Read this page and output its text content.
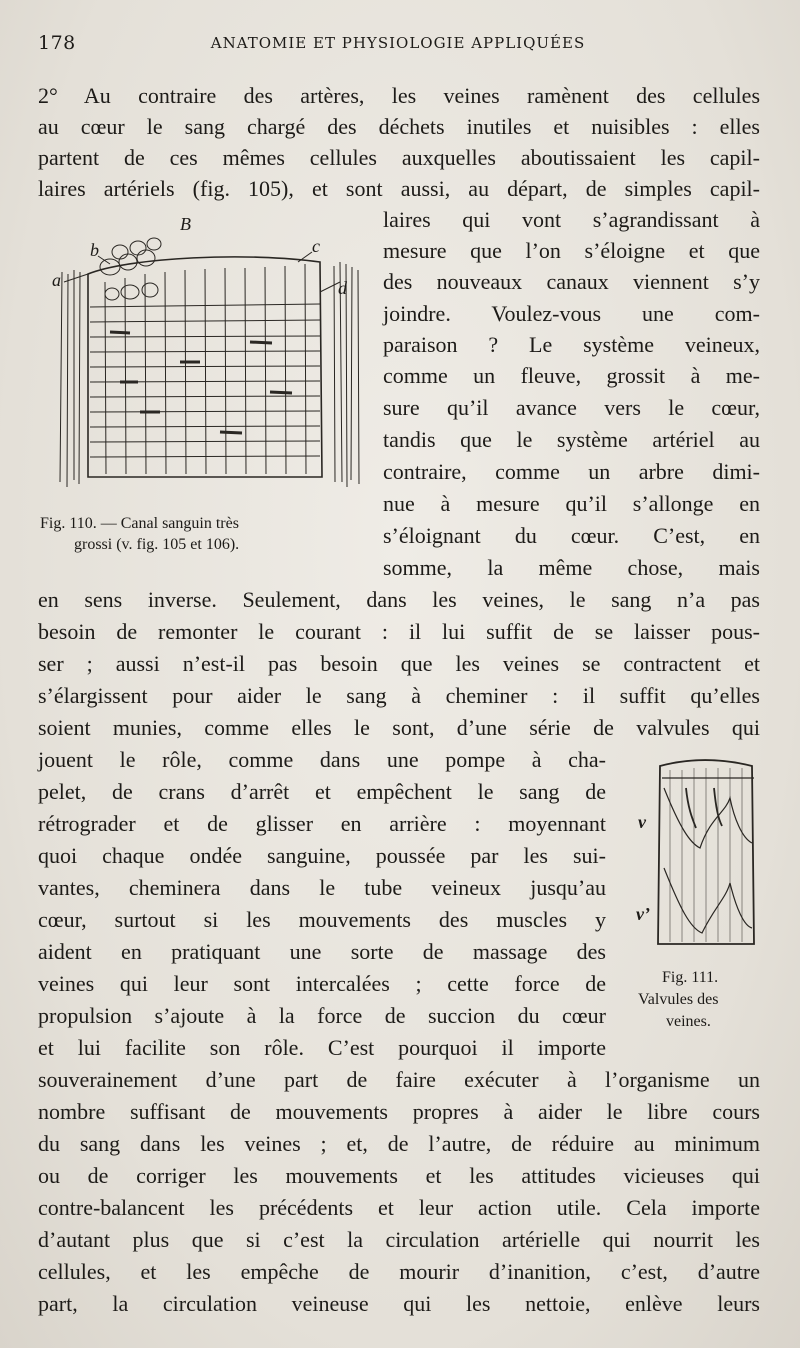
178	ANATOMIE ET PHYSIOLOGIE APPLIQUÉES
2° Au contraire des artères, les veines ramènent des cellules
au cœur le sang chargé des déchets inutiles et nuisibles : elles
partent de ces mêmes cellules auxquelles aboutissaient les capil-
laires artériels (fig. 105), et sont aussi, au départ, de simples capil-
laires qui vont s’agrandissant à
mesure que l’on s’éloigne et que
des nouveaux canaux viennent s’y
joindre. Voulez-vous une com-
paraison ? Le système veineux,
comme un fleuve, grossit à me-
sure qu’il avance vers le cœur,
tandis que le système artériel au
contraire, comme un arbre dimi-
nue à mesure qu’il s’allonge en
s’éloignant du cœur. C’est, en
somme, la même chose, mais
en sens inverse. Seulement, dans les veines, le sang n’a pas
besoin de remonter le courant : il lui suffit de se laisser pous-
ser ; aussi n’est-il pas besoin que les veines se contractent et
s’élargissent pour aider le sang à cheminer : il suffit qu’elles
soient munies, comme elles le sont, d’une série de valvules qui
jouent le rôle, comme dans une pompe à cha-
pelet, de crans d’arrêt et empêchent le sang de
rétrograder et de glisser en arrière : moyennant
quoi chaque ondée sanguine, poussée par les sui-
vantes, cheminera dans le tube veineux jusqu’au
cœur, surtout si les mouvements des muscles y
aident en pratiquant une sorte de massage des
veines qui leur sont intercalées ; cette force de
propulsion s’ajoute à la force de succion du cœur
et lui facilite son rôle. C’est pourquoi il importe
souverainement d’une part de faire exécuter à l’organisme un
nombre suffisant de mouvements propres à aider le libre cours
du sang dans les veines ; et, de l’autre, de réduire au minimum
ou de corriger les mouvements et les attitudes vicieuses qui
contre-balancent les précédents et leur action utile. Cela importe
d’autant plus que si c’est la circulation artérielle qui nourrit les
cellules, et les empêche de mourir d’inanition, c’est, d’autre
part, la circulation veineuse qui les nettoie, enlève leurs
B
a
b	c
d
Fig. 110. — Canal sanguin très
grossi (v. fig. 105 et 106).
v
v’
Fig. 111.
Valvules des
veines.
